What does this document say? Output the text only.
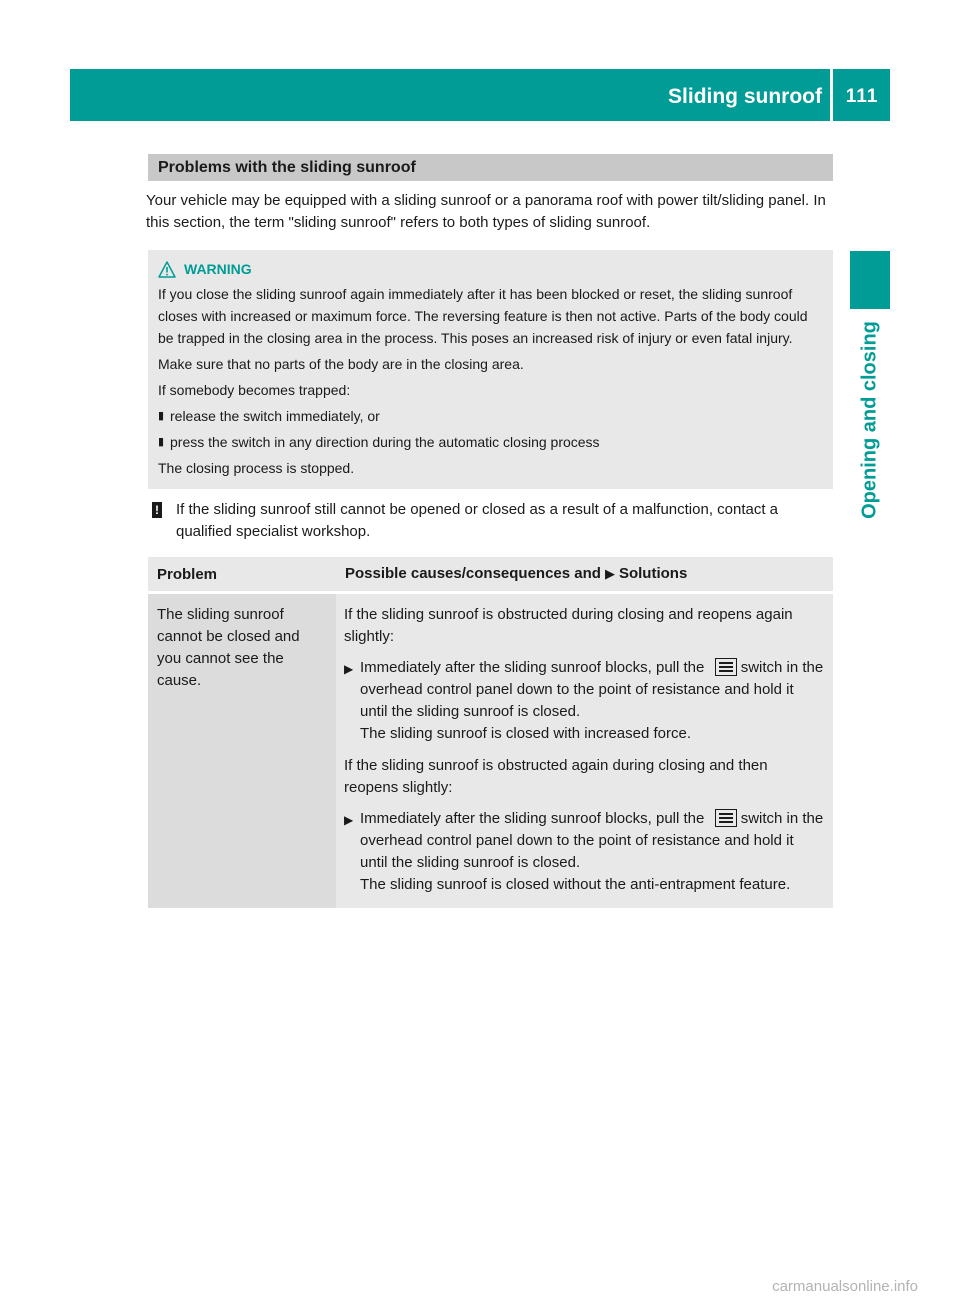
Sliding sunroof	111
Opening and closing
Problems with the sliding sunroof

Your vehicle may be equipped with a sliding sunroof or a panorama roof with power tilt/sliding panel. In this section, the term "sliding sunroof" refers to both types of sliding sunroof.

WARNING

If you close the sliding sunroof again immediately after it has been blocked or reset, the sliding sunroof closes with increased or maximum force. The reversing feature is then not active. Parts of the body could be trapped in the closing area in the process. This poses an increased risk of injury or even fatal injury.

Make sure that no parts of the body are in the closing area.

If somebody becomes trapped:

▮ release the switch immediately, or
▮ press the switch in any direction during the automatic closing process

The closing process is stopped.

! If the sliding sunroof still cannot be opened or closed as a result of a malfunction, contact a qualified specialist workshop.
Problem	Possible causes/consequences and ▶ Solutions
The sliding sunroof cannot be closed and you cannot see the cause.

If the sliding sunroof is obstructed during closing and reopens again slightly:

▶ Immediately after the sliding sunroof blocks, pull the switch in the overhead control panel down to the point of resistance and hold it until the sliding sunroof is closed.
The sliding sunroof is closed with increased force.

If the sliding sunroof is obstructed again during closing and then reopens slightly:

▶ Immediately after the sliding sunroof blocks, pull the switch in the overhead control panel down to the point of resistance and hold it until the sliding sunroof is closed.
The sliding sunroof is closed without the anti-entrapment feature.
carmanualsonline.info
